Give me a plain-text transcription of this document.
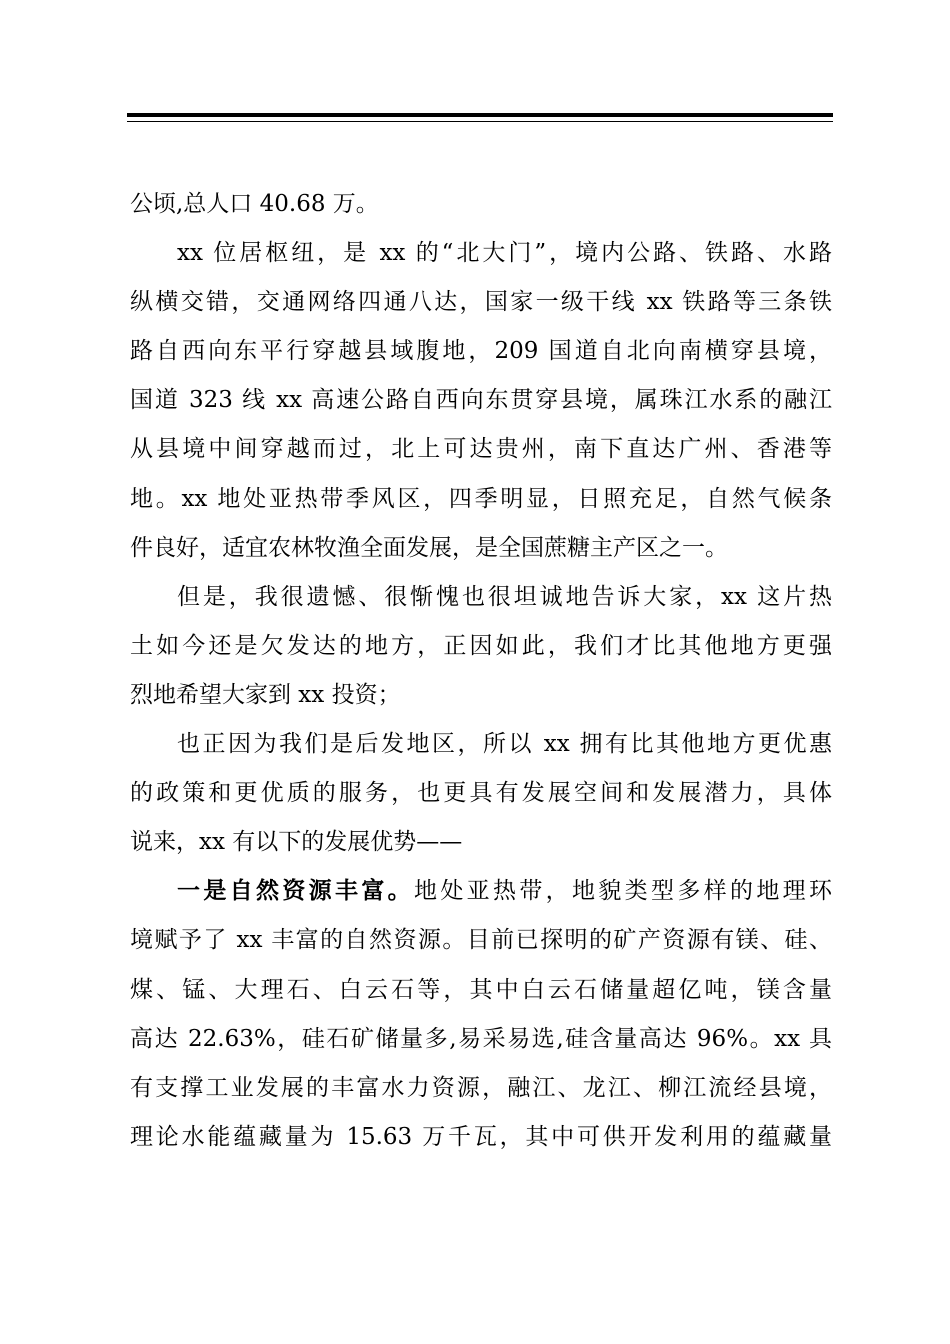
公顷,总人口 40.68 万。
xx 位居枢纽，是 xx 的“北大门”，境内公路、铁路、水路
纵横交错，交通网络四通八达，国家一级干线 xx 铁路等三条铁
路自西向东平行穿越县域腹地，209 国道自北向南横穿县境，
国道 323 线 xx 高速公路自西向东贯穿县境，属珠江水系的融江
从县境中间穿越而过，北上可达贵州，南下直达广州、香港等
地。xx 地处亚热带季风区，四季明显，日照充足，自然气候条
件良好，适宜农林牧渔全面发展，是全国蔗糖主产区之一。
但是，我很遗憾、很惭愧也很坦诚地告诉大家，xx 这片热
土如今还是欠发达的地方，正因如此，我们才比其他地方更强
烈地希望大家到 xx 投资；
也正因为我们是后发地区，所以 xx 拥有比其他地方更优惠
的政策和更优质的服务，也更具有发展空间和发展潜力，具体
说来，xx 有以下的发展优势——
一是自然资源丰富。地处亚热带，地貌类型多样的地理环
境赋予了 xx 丰富的自然资源。目前已探明的矿产资源有镁、硅、
煤、锰、大理石、白云石等，其中白云石储量超亿吨，镁含量
高达 22.63%，硅石矿储量多,易采易选,硅含量高达 96%。xx 具
有支撑工业发展的丰富水力资源，融江、龙江、柳江流经县境，
理论水能蕴藏量为 15.63 万千瓦，其中可供开发利用的蕴藏量
